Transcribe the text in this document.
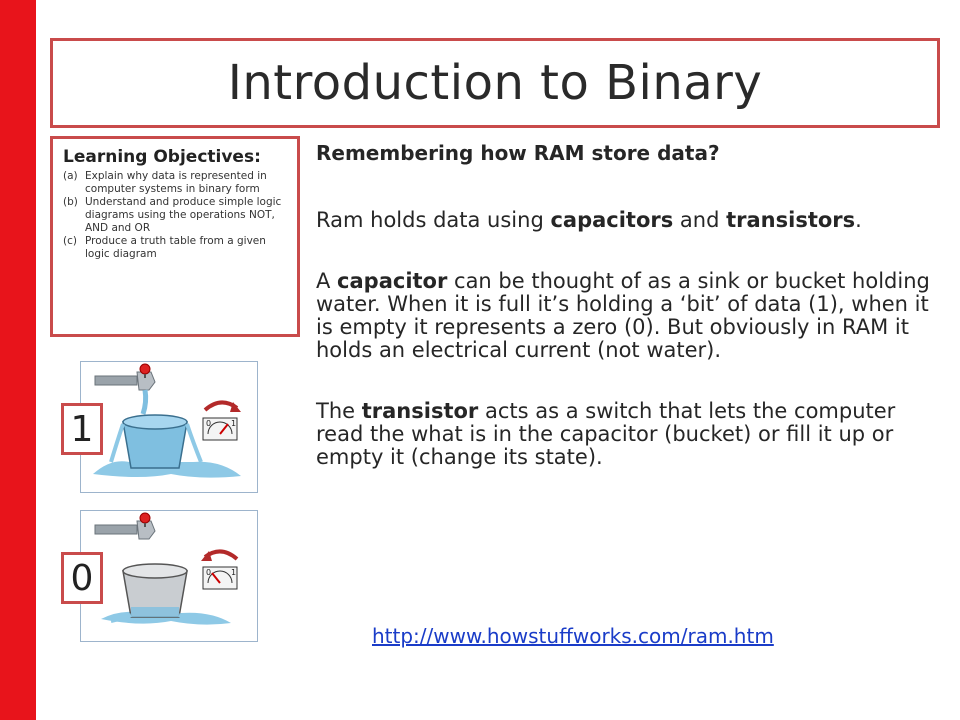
Introduction to Binary
Learning Objectives:
(a) Explain why data is represented in computer systems in binary form
(b) Understand and produce simple logic diagrams using the operations NOT, AND and OR
(c) Produce a truth table from a given logic diagram

Remembering how RAM store data?

Ram holds data using capacitors and transistors.

A capacitor can be thought of as a sink or bucket holding water. When it is full it’s holding a ‘bit’ of data (1), when it is empty it represents a zero (0). But obviously in RAM it holds an electrical current (not water).

The transistor acts as a switch that lets the computer read the what is in the capacitor (bucket) or fill it up or empty it (change its state).

http://www.howstuffworks.com/ram.htm
0 1
0 1
1
0
